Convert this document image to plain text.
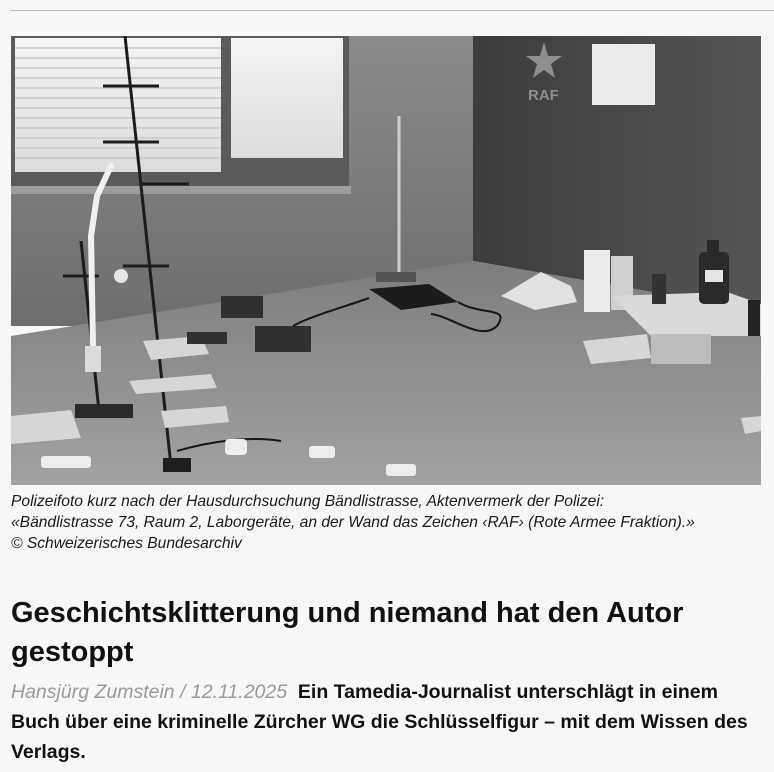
RAF
Polizeifoto kurz nach der Hausdurchsuchung Bändlistrasse, Aktenvermerk der Polizei:
«Bändlistrasse 73, Raum 2, Laborgeräte, an der Wand das Zeichen ‹RAF› (Rote Armee Fraktion).»
© Schweizerisches Bundesarchiv
Geschichtsklitterung und niemand hat den Autor gestoppt
Hansjürg Zumstein / 12.11.2025 Ein Tamedia-Journalist unterschlägt in einem Buch über eine kriminelle Zürcher WG die Schlüsselfigur – mit dem Wissen des Verlags.
